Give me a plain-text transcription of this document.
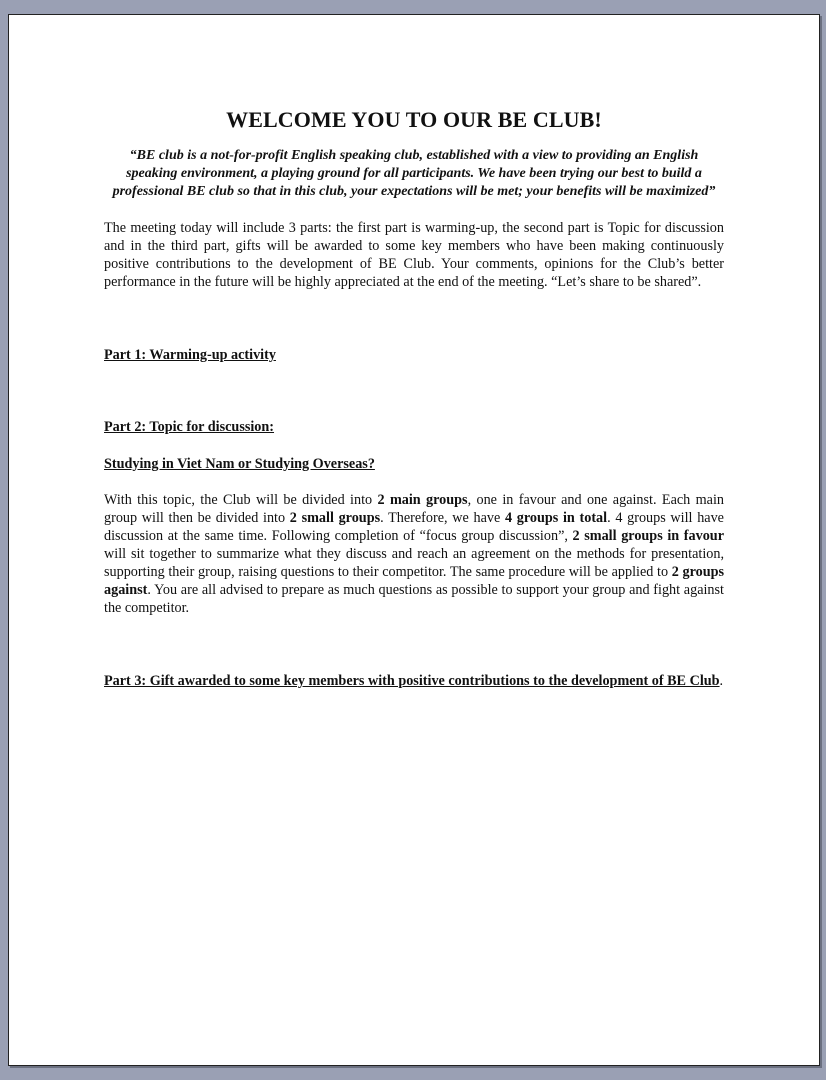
WELCOME YOU TO OUR BE CLUB!
“BE club is a not-for-profit English speaking club, established with a view to providing an English speaking environment, a playing ground for all participants. We have been trying our best to build a professional BE club so that in this club, your expectations will be met; your benefits will be maximized”

The meeting today will include 3 parts: the first part is warming-up, the second part is Topic for discussion and in the third part, gifts will be awarded to some key members who have been making continuously positive contributions to the development of BE Club. Your comments, opinions for the Club’s better performance in the future will be highly appreciated at the end of the meeting. “Let’s share to be shared”.

Part 1: Warming-up activity

Part 2: Topic for discussion:

Studying in Viet Nam or Studying Overseas?

With this topic, the Club will be divided into 2 main groups, one in favour and one against. Each main group will then be divided into 2 small groups. Therefore, we have 4 groups in total. 4 groups will have discussion at the same time. Following completion of “focus group discussion”, 2 small groups in favour will sit together to summarize what they discuss and reach an agreement on the methods for presentation, supporting their group, raising questions to their competitor. The same procedure will be applied to 2 groups against. You are all advised to prepare as much questions as possible to support your group and fight against the competitor.

Part 3: Gift awarded to some key members with positive contributions to the development of BE Club.
